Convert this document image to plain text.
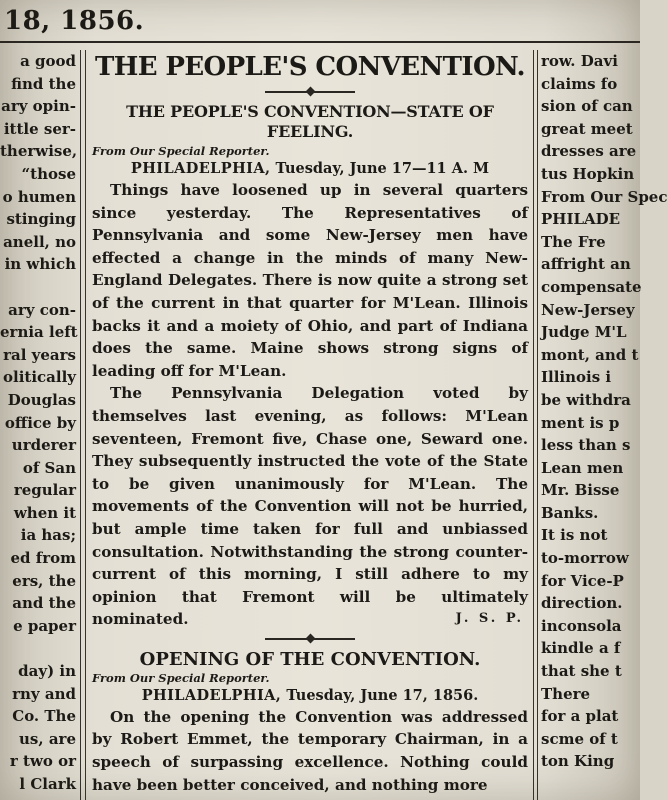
18, 1856.
a good
find the
ary opin-
ittle ser-
therwise,
“those
o humen
stinging
anell, no
in which

ary con-
ernia left
ral years
olitically
Douglas
office by
urderer
of San
regular
when it
ia has;
ed from
ers, the
and the
e paper

day) in
rny and
Co. The
us, are
r two or
l Clark
THE PEOPLE'S CONVENTION.
THE PEOPLE'S CONVENTION—STATE OF FEELING.
From Our Special Reporter.
PHILADELPHIA, Tuesday, June 17—11 A. M

Things have loosened up in several quarters since yesterday. The Representatives of Pennsylvania and some New-Jersey men have effected a change in the minds of many New-England Delegates. There is now quite a strong set of the current in that quarter for M'Lean. Illinois backs it and a moiety of Ohio, and part of Indiana does the same. Maine shows strong signs of leading off for M'Lean.

The Pennsylvania Delegation voted by themselves last evening, as follows: M'Lean seventeen, Fremont five, Chase one, Seward one. They subsequently instructed the vote of the State to be given unanimously for M'Lean. The movements of the Convention will not be hurried, but ample time taken for full and unbiassed consultation. Notwithstanding the strong counter-current of this morning, I still adhere to my opinion that Fremont will be ultimately nominated.	J. S. P.

OPENING OF THE CONVENTION.
From Our Special Reporter.
PHILADELPHIA, Tuesday, June 17, 1856.

On the opening the Convention was addressed by Robert Emmet, the temporary Chairman, in a speech of surpassing excellence. Nothing could have been better conceived, and nothing more

row. Davi
claims fo
sion of can
great meet
dresses are
tus Hopkin
From Our Spec
PHILADE
The Fre
affright an
compensate
New-Jersey
Judge M'L
mont, and t
Illinois i
be withdra
ment is p
less than s
Lean men
Mr. Bisse
Banks.
It is not
to-morrow
for Vice-P
direction.
inconsola
kindle a f
that she t
There
for a plat
scme of t
ton King
